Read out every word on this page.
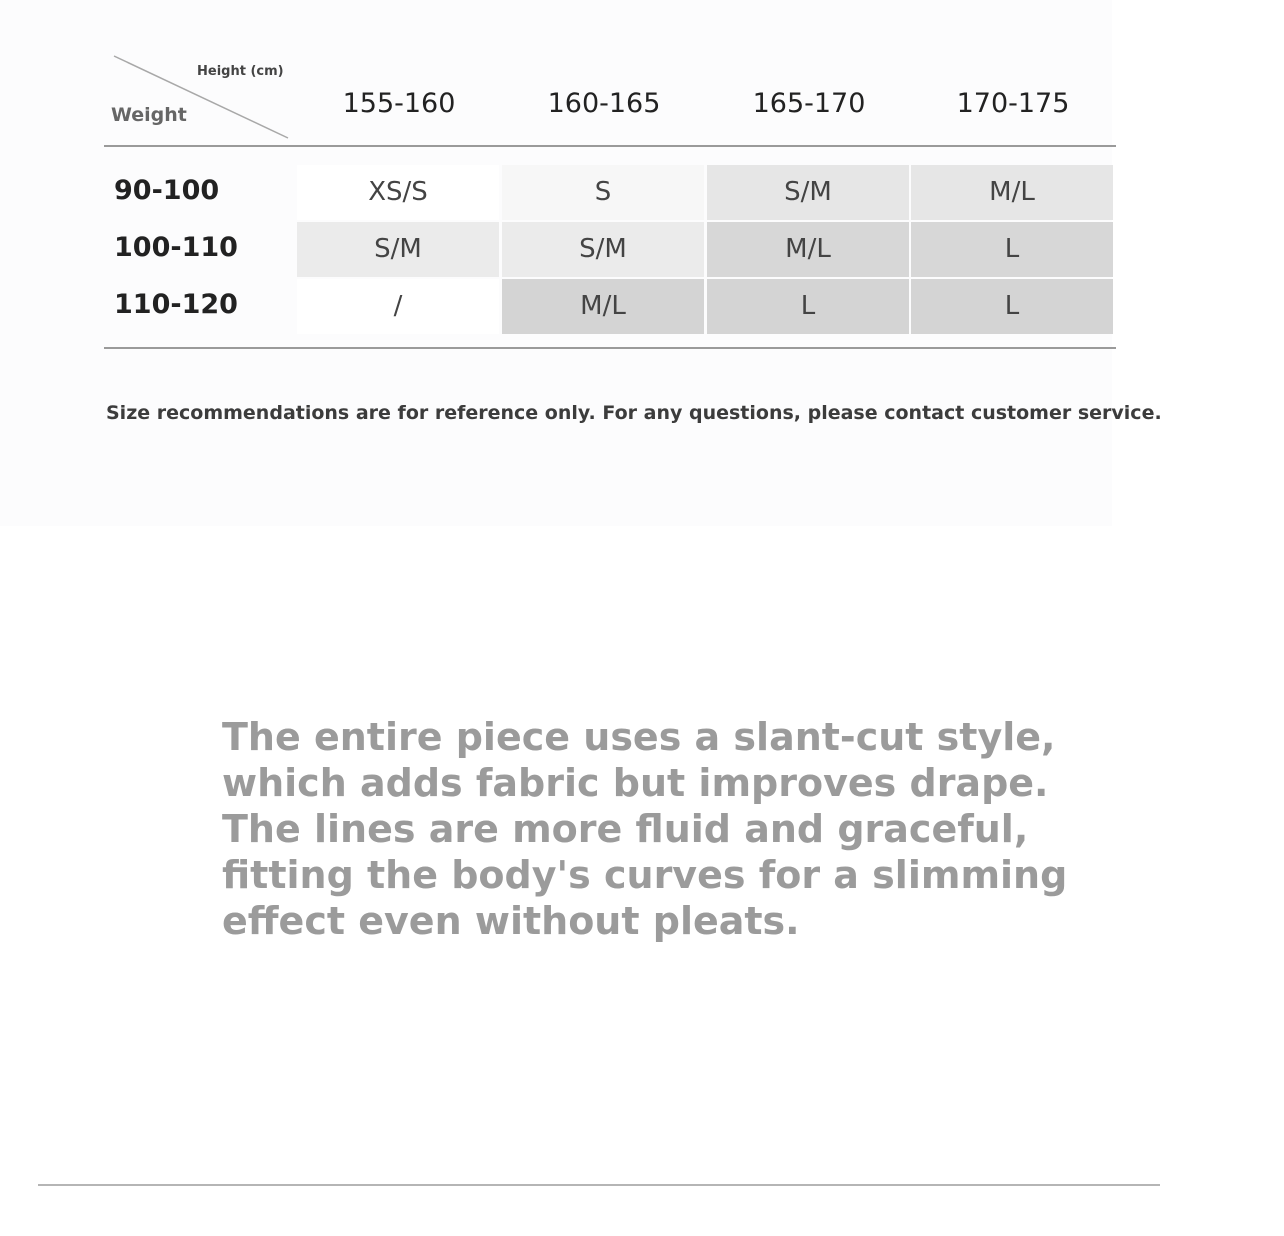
Height (cm)
Weight	155-160	160-165	165-170	170-175
90-100	XS/S	S	S/M	M/L
100-110	S/M	S/M	M/L	L
110-120	/	M/L	L	L
Size recommendations are for reference only. For any questions, please contact customer service.

The entire piece uses a slant-cut style,
which adds fabric but improves drape.
The lines are more fluid and graceful,
fitting the body's curves for a slimming
effect even without pleats.
